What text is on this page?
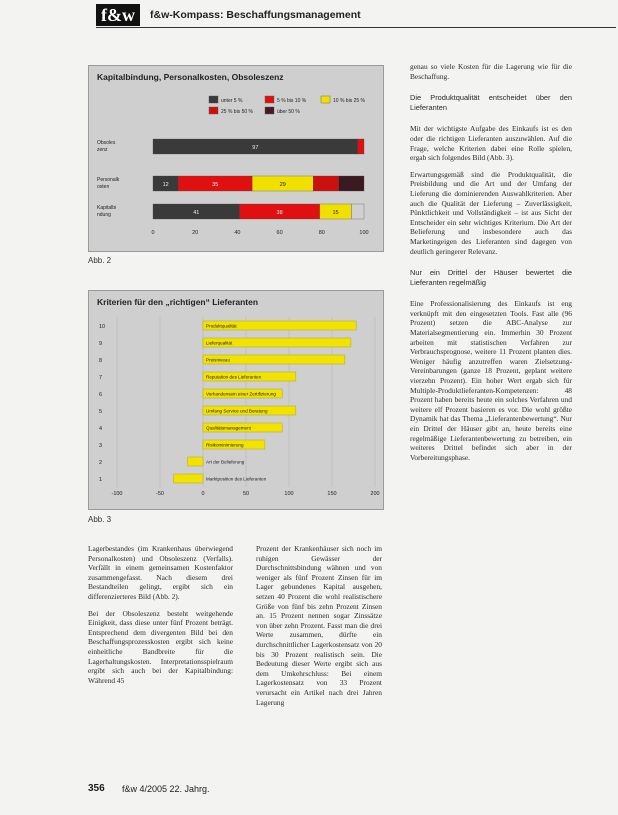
f&w	f&w-Kompass: Beschaffungsmanagement
Kapitalbindung, Personalkosten, Obsoleszenz
unter 5 %	5 % bis 10 %	10 % bis 25 %
25 % bis 50 %	über 50 %
Obsoles
zenz	97
Personalk
osten	12	35	29
Kapitalbi
ndung	41	38	15
0	20	40	60	80	100
Abb. 2
Kriterien für den „richtigen“ Lieferanten
10	Produktqualität
9	Lieferqualität
8	Preisniveau
7	Reputation des Lieferanten
6	Vorhandensein einer Zertifizierung
5	Umfang Service und Beratung
4	Qualitätsmanagement
3	Risikominimierung
2	Art der Belieferung
1	Marktposition des Lieferanten
-100	-50	0	50	100	150	200
Abb. 3

Lagerbestandes (im Krankenhaus überwiegend Personalkosten) und Obsoleszenz (Verfalls). Verfällt in einem gemeinsamen Kostenfaktor zusammengefasst. Nach diesem drei Bestandteilen gelingt, ergibt sich ein differenzierteres Bild (Abb. 2).

Bei der Obsoleszenz besteht weitgehende Einigkeit, dass diese unter fünf Prozent beträgt. Entsprechend dem divergenten Bild bei den Beschaffungsprozesskosten ergibt sich keine einheitliche Bandbreite für die Lagerhaltungskosten. Interpretationsspielraum ergibt sich auch bei der Kapitalbindung: Während 45

Prozent der Krankenhäuser sich noch im ruhigen Gewässer der Durchschnittsbindung wähnen und von weniger als fünf Prozent Zinsen für im Lager gebundenes Kapital ausgehen, setzen 40 Prozent die wohl realistischere Größe von fünf bis zehn Prozent Zinsen an. 15 Prozent nennen sogar Zinssätze von über zehn Prozent. Fasst man die drei Werte zusammen, dürfte ein durchschnittlicher Lagerkostensatz von 20 bis 30 Prozent realistisch sein. Die Bedeutung dieser Werte ergibt sich aus dem Umkehrschluss: Bei einem Lagerkostensatz von 33 Prozent verursacht ein Artikel nach drei Jahren Lagerung

genau so viele Kosten für die Lagerung wie für die Beschaffung.

Die Produktqualität entscheidet über den Lieferanten

Mit der wichtigste Aufgabe des Einkaufs ist es den oder die richtigen Lieferanten auszuwählen. Auf die Frage, welche Kriterien dabei eine Rolle spielen, ergab sich folgendes Bild (Abb. 3).

Erwartungsgemäß sind die Produktqualität, die Preisbildung und die Art und der Umfang der Lieferung die dominierenden Auswahlkriterien. Aber auch die Qualität der Lieferung – Zuverlässigkeit, Pünktlichkeit und Vollständigkeit – ist aus Sicht der Entscheider ein sehr wichtiges Kriterium. Die Art der Belieferung und insbesondere auch das Marketingeigen des Lieferanten sind dagegen von deutlich geringerer Relevanz.

Nur ein Drittel der Häuser bewertet die Lieferanten regelmäßig

Eine Professionalisierung des Einkaufs ist eng verknüpft mit den eingesetzten Tools. Fast alle (96 Prozent) setzen die ABC-Analyse zur Materialsegmentierung ein. Immerhin 30 Prozent arbeiten mit statistischen Verfahren zur Verbrauchsprognose, weitere 11 Prozent planten dies. Weniger häufig anzutreffen waren Zielsetzung-Vereinbarungen (ganze 18 Prozent, geplant weitere vierzehn Prozent). Ein hoher Wert ergab sich für Multiple-Produktlieferanten-Kompetenzen: 48 Prozent haben bereits heute ein solches Verfahren und weitere elf Prozent basieren es vor. Die wohl größte Dynamik hat das Thema „Lieferantenbewertung“. Nur ein Drittel der Häuser gibt an, heute bereits eine regelmäßige Lieferantenbewertung zu betreiben, ein weiteres Drittel befindet sich aber in der Vorbereitungsphase.

356 f&w 4/2005 22. Jahrg.
